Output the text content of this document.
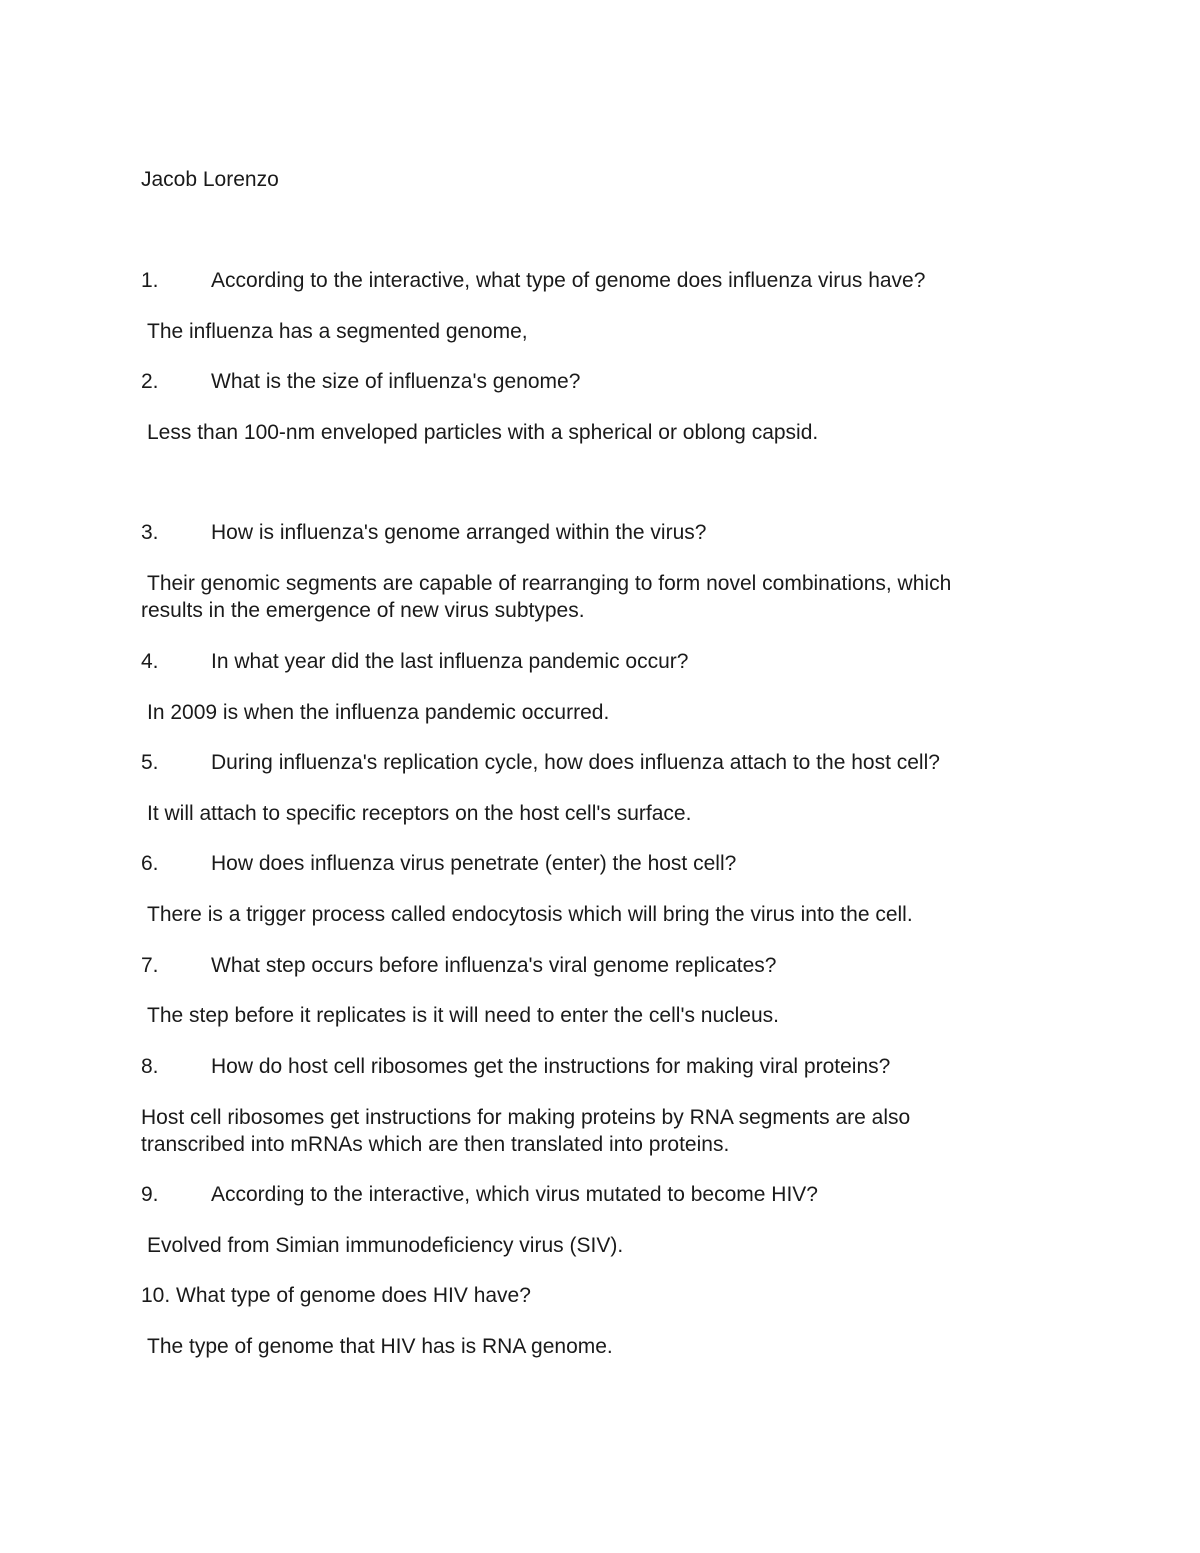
Jacob Lorenzo
1. According to the interactive, what type of genome does influenza virus have?
The influenza has a segmented genome,
2. What is the size of influenza's genome?
Less than 100-nm enveloped particles with a spherical or oblong capsid.
3. How is influenza's genome arranged within the virus?
Their genomic segments are capable of rearranging to form novel combinations, which
results in the emergence of new virus subtypes.
4. In what year did the last influenza pandemic occur?
In 2009 is when the influenza pandemic occurred.
5. During influenza's replication cycle, how does influenza attach to the host cell?
It will attach to specific receptors on the host cell's surface.
6. How does influenza virus penetrate (enter) the host cell?
There is a trigger process called endocytosis which will bring the virus into the cell.
7. What step occurs before influenza's viral genome replicates?
The step before it replicates is it will need to enter the cell's nucleus.
8. How do host cell ribosomes get the instructions for making viral proteins?
Host cell ribosomes get instructions for making proteins by RNA segments are also
transcribed into mRNAs which are then translated into proteins.
9. According to the interactive, which virus mutated to become HIV?
Evolved from Simian immunodeficiency virus (SIV).
10. What type of genome does HIV have?
The type of genome that HIV has is RNA genome.
